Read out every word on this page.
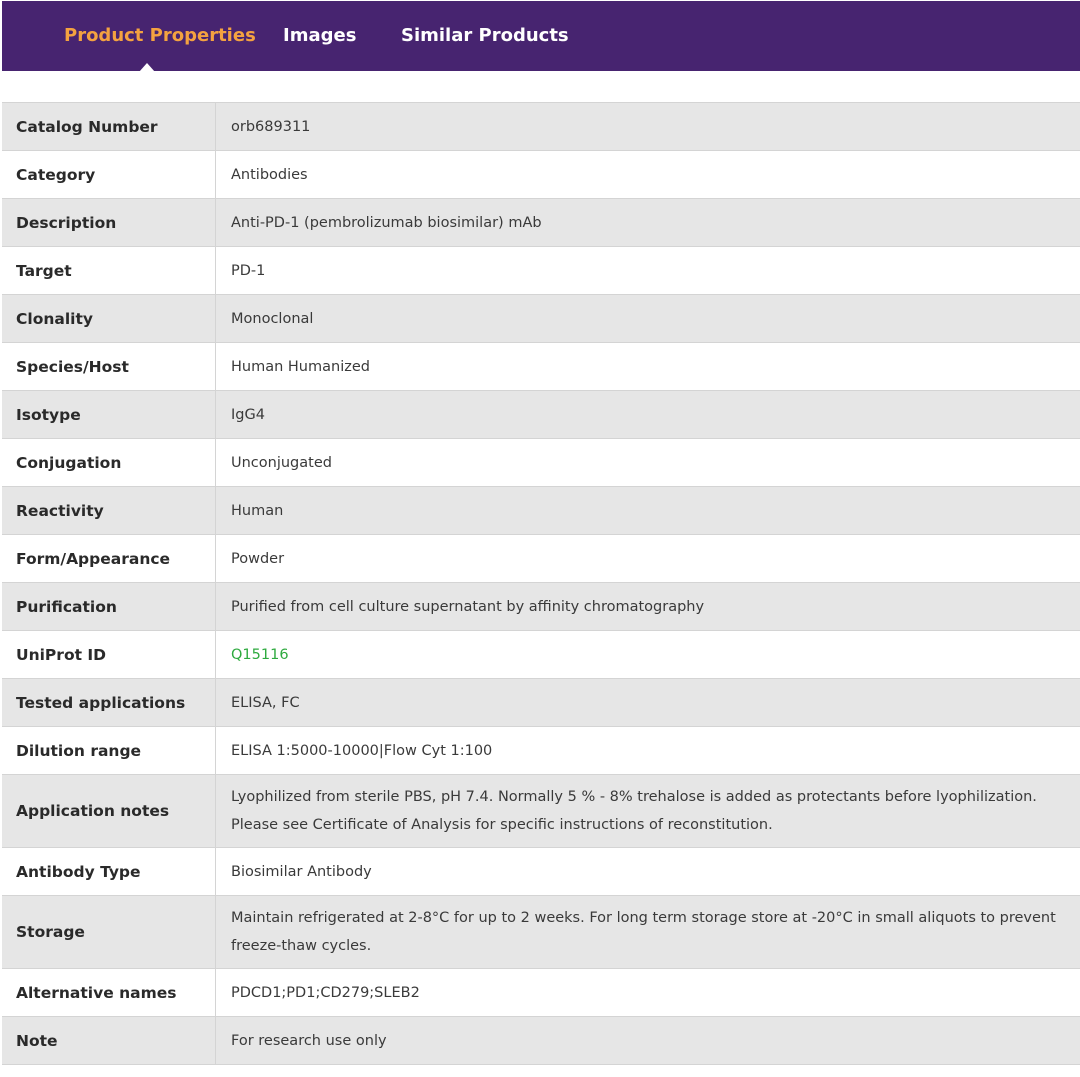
Product Properties Images Similar Products
Catalog Number	orb689311
Category	Antibodies
Description	Anti-PD-1 (pembrolizumab biosimilar) mAb
Target	PD-1
Clonality	Monoclonal
Species/Host	Human Humanized
Isotype	IgG4
Conjugation	Unconjugated
Reactivity	Human
Form/Appearance	Powder
Purification	Purified from cell culture supernatant by affinity chromatography
UniProt ID	Q15116
Tested applications	ELISA, FC
Dilution range	ELISA 1:5000-10000|Flow Cyt 1:100
Application notes	Lyophilized from sterile PBS, pH 7.4. Normally 5 % - 8% trehalose is added as protectants before lyophilization. Please see Certificate of Analysis for specific instructions of reconstitution.
Antibody Type	Biosimilar Antibody
Storage	Maintain refrigerated at 2-8°C for up to 2 weeks. For long term storage store at -20°C in small aliquots to prevent freeze-thaw cycles.
Alternative names	PDCD1;PD1;CD279;SLEB2
Note	For research use only
